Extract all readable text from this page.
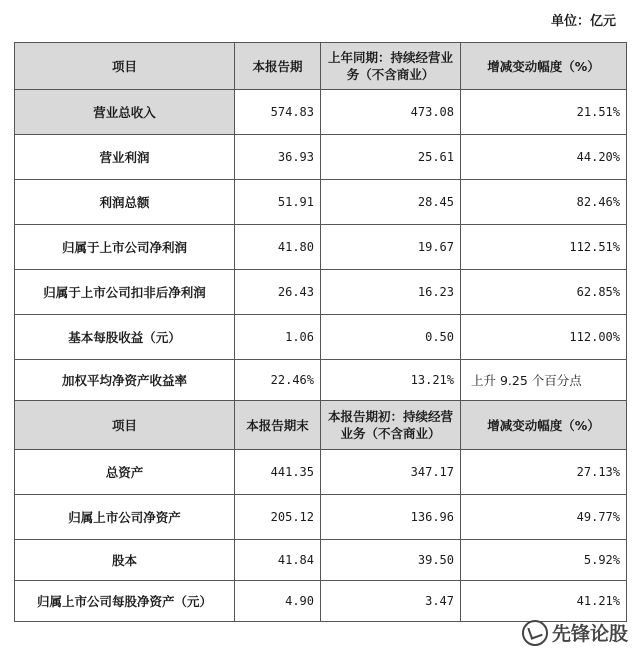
单位：亿元
项目	本报告期	上年同期：持续经营业务（不含商业）	增减变动幅度（%）
营业总收入	574.83	473.08	21.51%
营业利润	36.93	25.61	44.20%
利润总额	51.91	28.45	82.46%
归属于上市公司净利润	41.80	19.67	112.51%
归属于上市公司扣非后净利润	26.43	16.23	62.85%
基本每股收益（元）	1.06	0.50	112.00%
加权平均净资产收益率	22.46%	13.21%	上升 9.25 个百分点
项目	本报告期末	本报告期初：持续经营业务（不含商业）	增减变动幅度（%）
总资产	441.35	347.17	27.13%
归属上市公司净资产	205.12	136.96	49.77%
股本	41.84	39.50	5.92%
归属上市公司每股净资产（元）	4.90	3.47	41.21%
先锋论股
